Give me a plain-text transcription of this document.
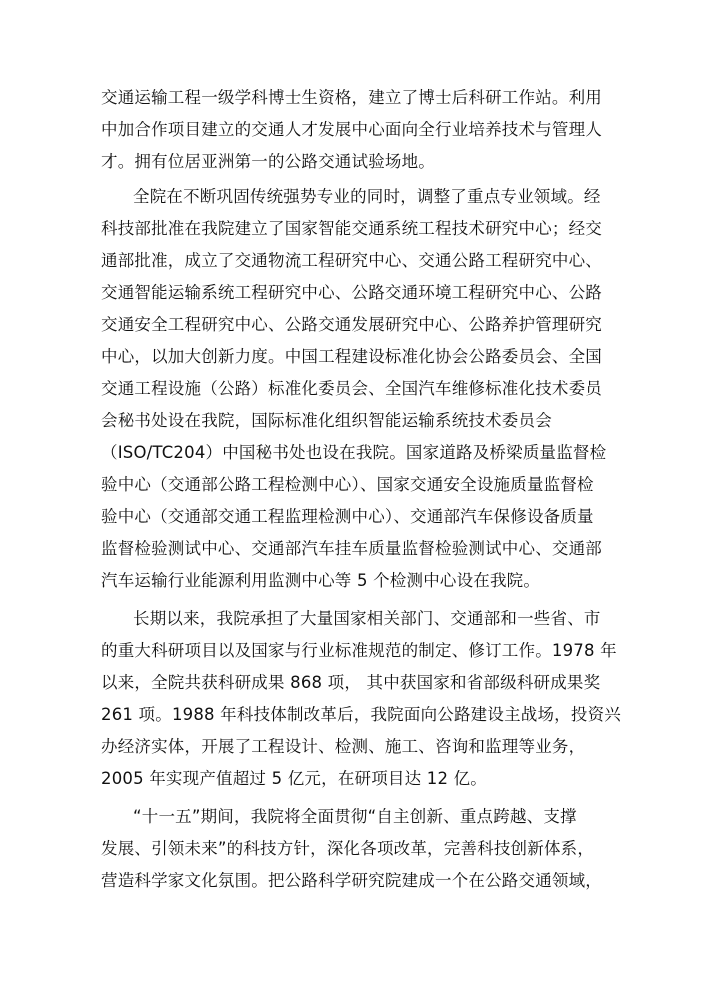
交通运输工程一级学科博士生资格，建立了博士后科研工作站。利用
中加合作项目建立的交通人才发展中心面向全行业培养技术与管理人
才。拥有位居亚洲第一的公路交通试验场地。
全院在不断巩固传统强势专业的同时，调整了重点专业领域。经
科技部批准在我院建立了国家智能交通系统工程技术研究中心；经交
通部批准，成立了交通物流工程研究中心、交通公路工程研究中心、
交通智能运输系统工程研究中心、公路交通环境工程研究中心、公路
交通安全工程研究中心、公路交通发展研究中心、公路养护管理研究
中心，以加大创新力度。中国工程建设标准化协会公路委员会、全国
交通工程设施（公路）标准化委员会、全国汽车维修标准化技术委员
会秘书处设在我院，国际标准化组织智能运输系统技术委员会
（ISO/TC204）中国秘书处也设在我院。国家道路及桥梁质量监督检
验中心（交通部公路工程检测中心）、国家交通安全设施质量监督检
验中心（交通部交通工程监理检测中心）、交通部汽车保修设备质量
监督检验测试中心、交通部汽车挂车质量监督检验测试中心、交通部
汽车运输行业能源利用监测中心等 5 个检测中心设在我院。
长期以来，我院承担了大量国家相关部门、交通部和一些省、市
的重大科研项目以及国家与行业标准规范的制定、修订工作。1978 年
以来，全院共获科研成果 868 项， 其中获国家和省部级科研成果奖
261 项。1988 年科技体制改革后，我院面向公路建设主战场，投资兴
办经济实体，开展了工程设计、检测、施工、咨询和监理等业务，
2005 年实现产值超过 5 亿元，在研项目达 12 亿。
“十一五”期间，我院将全面贯彻“自主创新、重点跨越、支撑
发展、引领未来”的科技方针，深化各项改革，完善科技创新体系，
营造科学家文化氛围。把公路科学研究院建成一个在公路交通领域，
